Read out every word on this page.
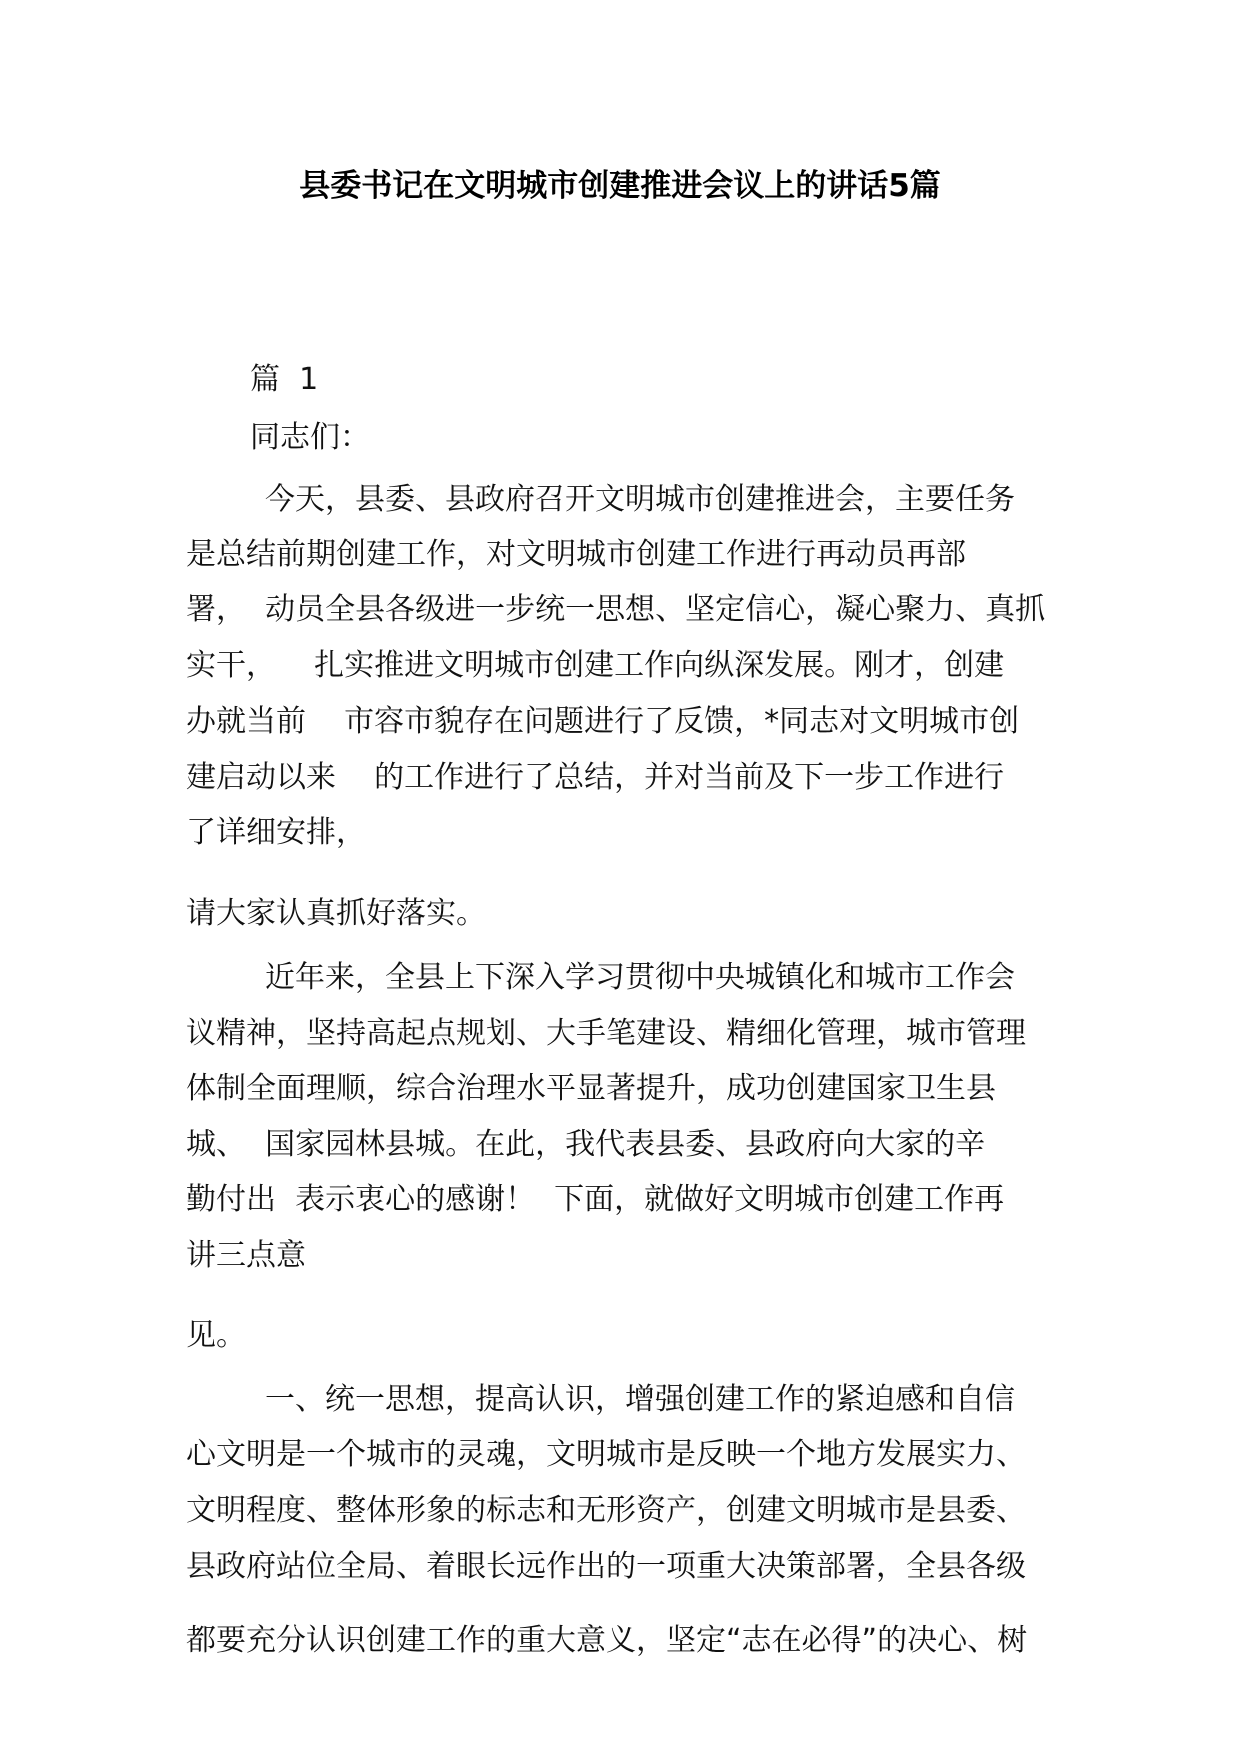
县委书记在文明城市创建推进会议上的讲话5篇
篇  1
同志们：
今天，县委、县政府召开文明城市创建推进会，主要任务
是总结前期创建工作，对文明城市创建工作进行再动员再部
署，  动员全县各级进一步统一思想、坚定信心，凝心聚力、真抓
实干，    扎实推进文明城市创建工作向纵深发展。刚才，创建
办就当前    市容市貌存在问题进行了反馈，*同志对文明城市创
建启动以来    的工作进行了总结，并对当前及下一步工作进行
了详细安排，
请大家认真抓好落实。
近年来，全县上下深入学习贯彻中央城镇化和城市工作会
议精神，坚持高起点规划、大手笔建设、精细化管理，城市管理
体制全面理顺，综合治理水平显著提升，成功创建国家卫生县
城、  国家园林县城。在此，我代表县委、县政府向大家的辛
勤付出  表示衷心的感谢！  下面，就做好文明城市创建工作再
讲三点意
见。
一、统一思想，提高认识，增强创建工作的紧迫感和自信
心文明是一个城市的灵魂，文明城市是反映一个地方发展实力、
文明程度、整体形象的标志和无形资产，创建文明城市是县委、
县政府站位全局、着眼长远作出的一项重大决策部署，全县各级
都要充分认识创建工作的重大意义，坚定“志在必得”的决心、树
